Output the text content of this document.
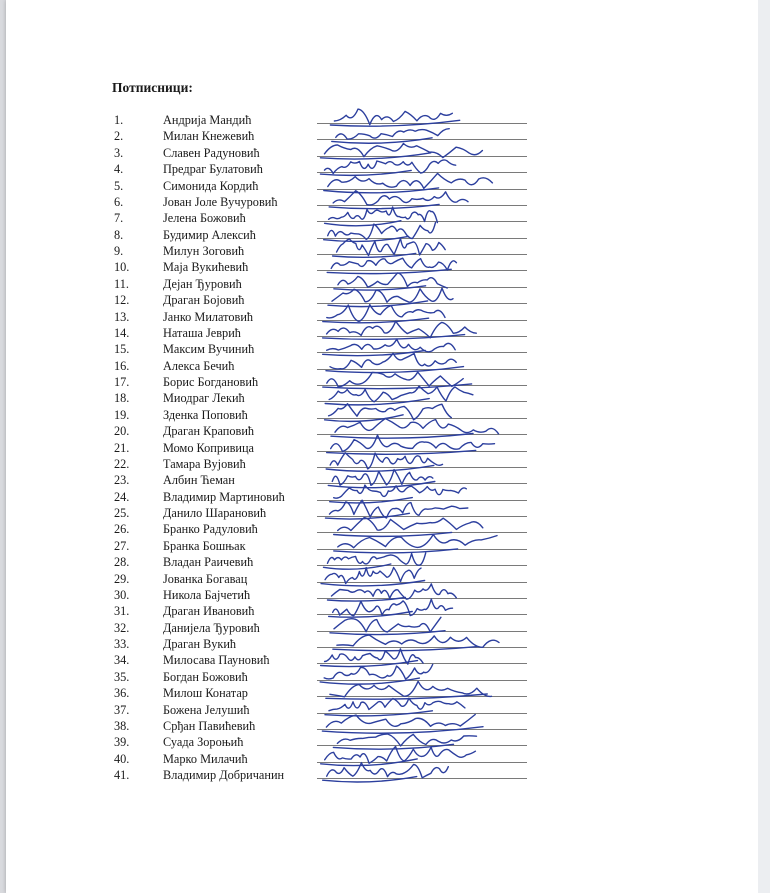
Потписници:
1.	Андрија Мандић
2.	Милан Кнежевић
3.	Славен Радуновић
4.	Предраг Булатовић
5.	Симонида Кордић
6.	Јован Јоле Вучуровић
7.	Јелена Божовић
8.	Будимир Алексић
9.	Милун Зоговић
10.	Маја Вукићевић
11.	Дејан Ђуровић
12.	Драган Бојовић
13.	Јанко Милатовић
14.	Наташа Јеврић
15.	Максим Вучинић
16.	Алекса Бечић
17.	Борис Богдановић
18.	Миодраг Лекић
19.	Зденка Поповић
20.	Драган Краповић
21.	Момо Копривица
22.	Тамара Вујовић
23.	Албин Ћеман
24.	Владимир Мартиновић
25.	Данило Шарановић
26.	Бранко Радуловић
27.	Бранка Бошњак
28.	Владан Раичевић
29.	Јованка Богавац
30.	Никола Бајчетић
31.	Драган Ивановић
32.	Данијела Ђуровић
33.	Драган Вукић
34.	Милосава Пауновић
35.	Богдан Божовић
36.	Милош Конатар
37.	Божена Јелушић
38.	Срђан Павићевић
39.	Суада Зороњић
40.	Марко Милачић
41.	Владимир Добричанин
